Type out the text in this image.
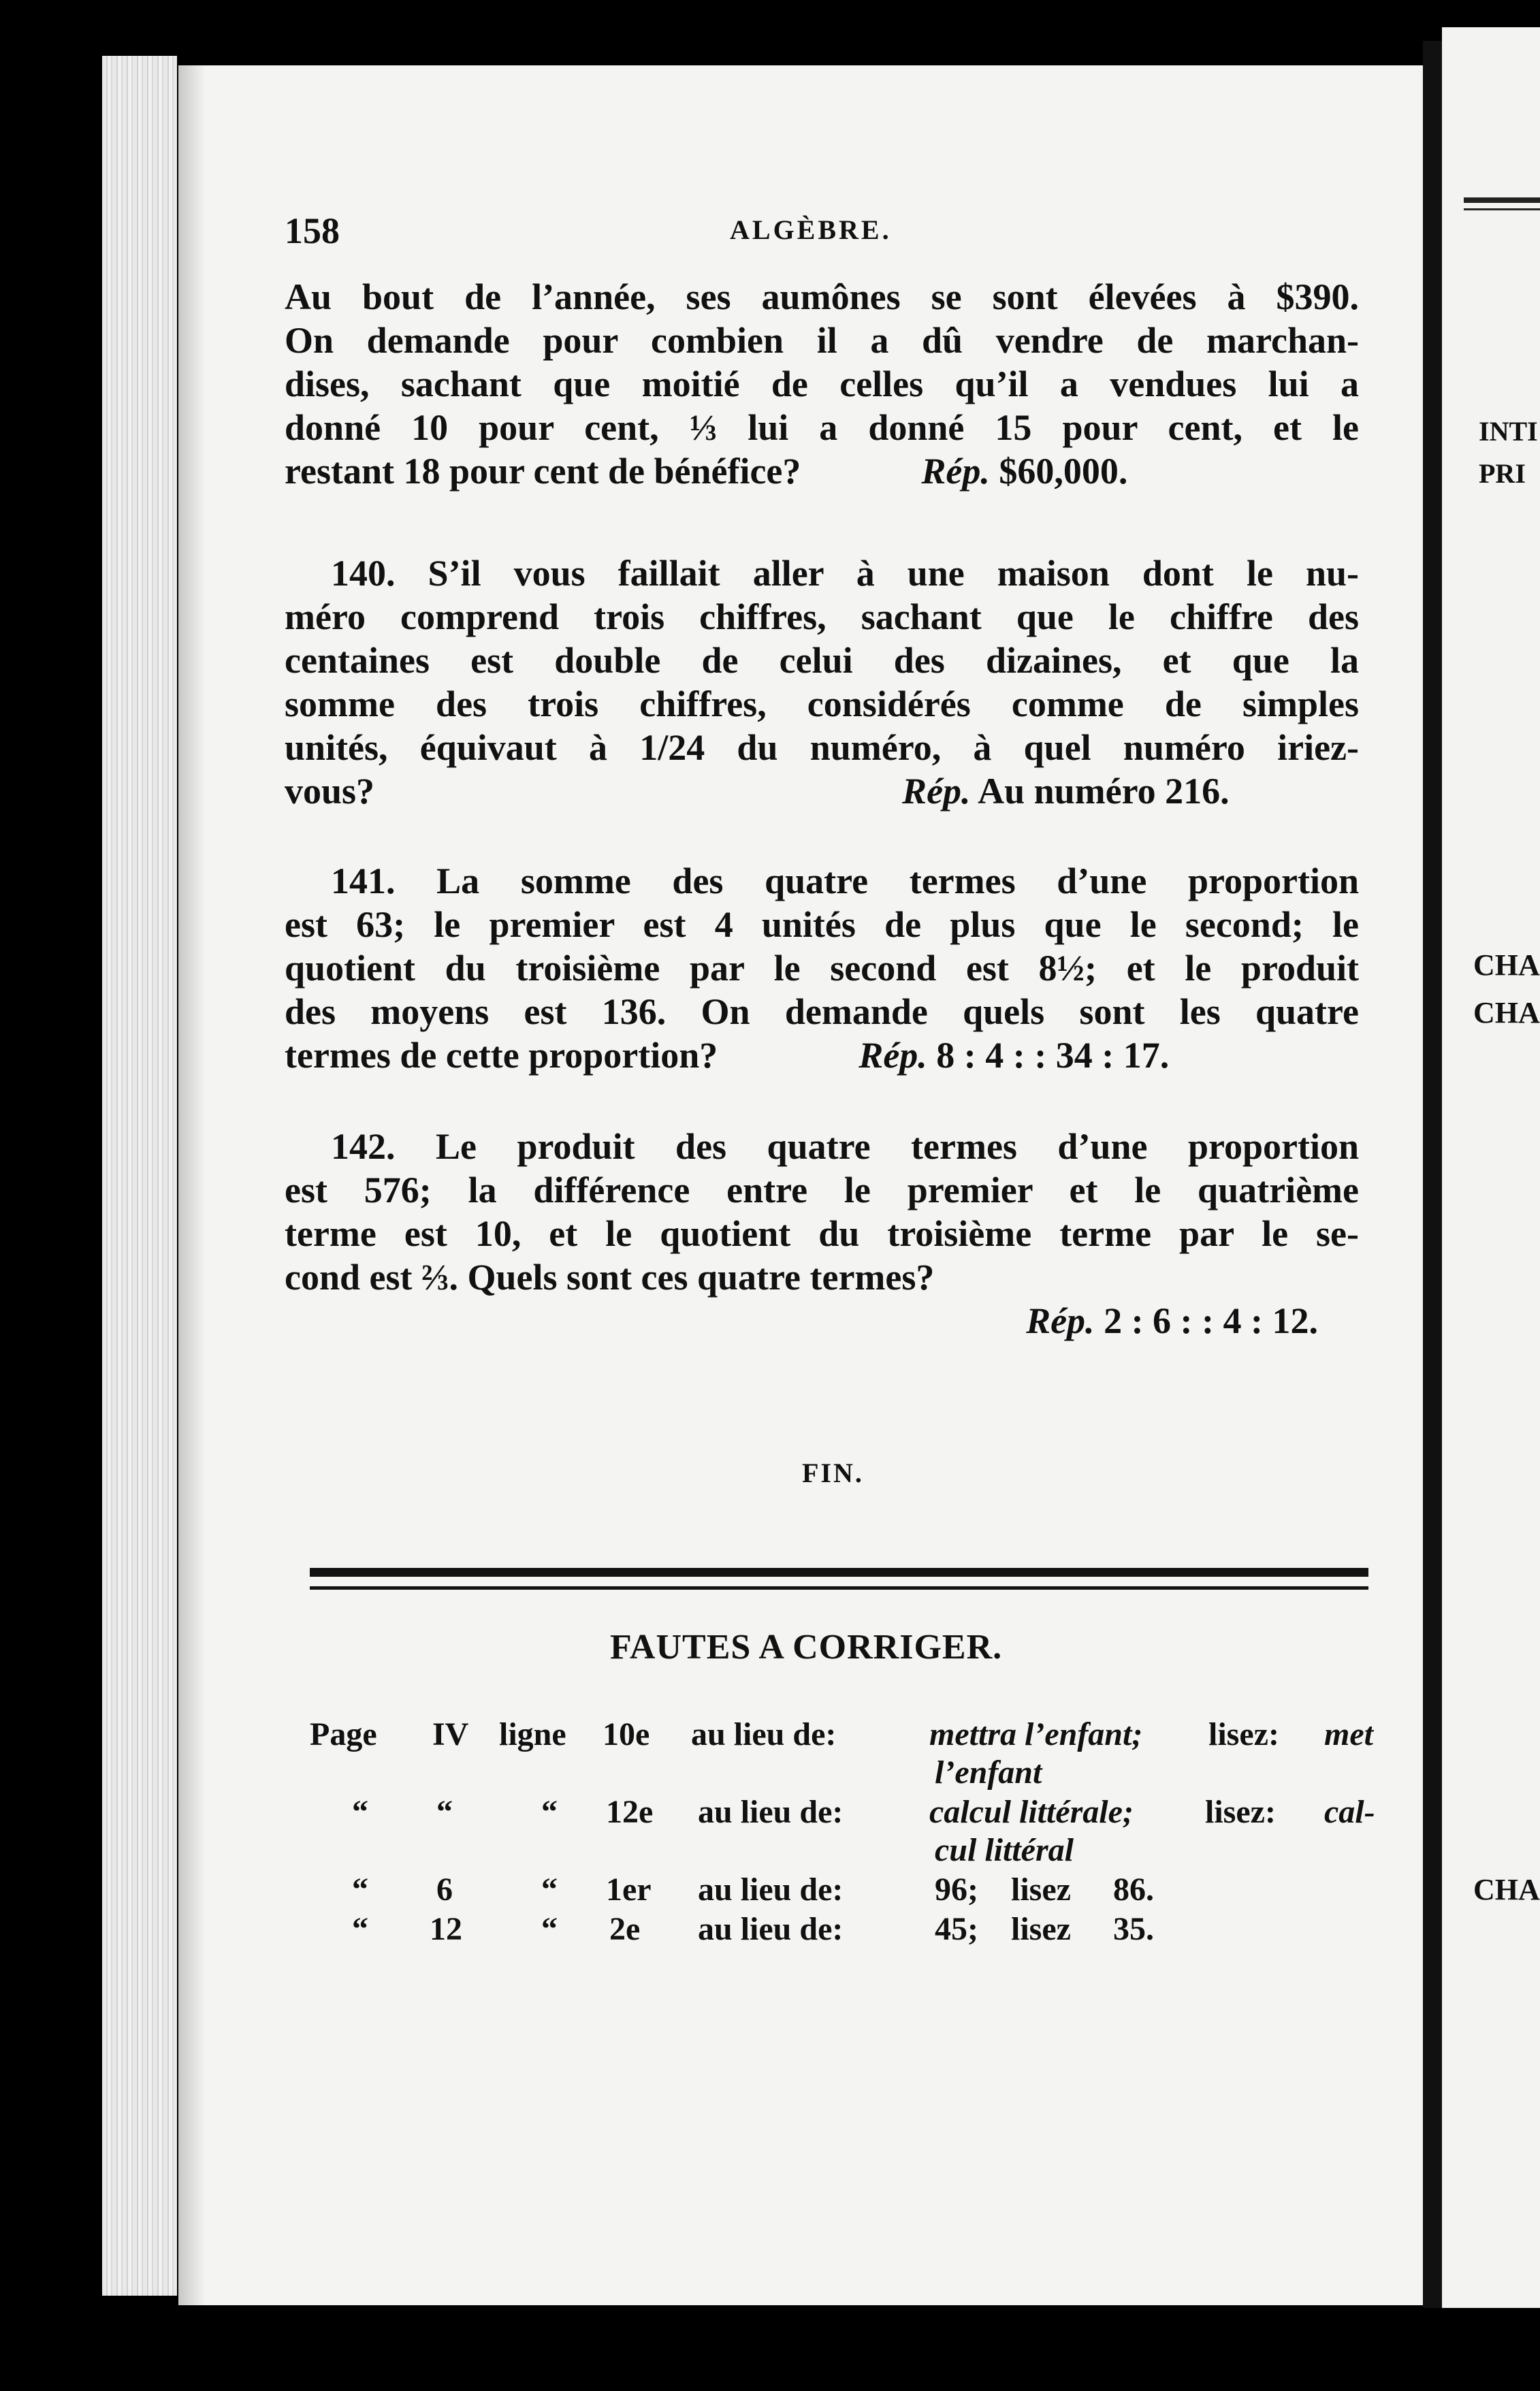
158	ALGÈBRE.
Au bout de l’année, ses aumônes se sont élevées à $390.
On demande pour combien il a dû vendre de marchan-
dises, sachant que moitié de celles qu’il a vendues lui a
donné 10 pour cent, ⅓ lui a donné 15 pour cent, et le
restant 18 pour cent de bénéfice?	Rép. $60,000.
140. S’il vous faillait aller à une maison dont le nu-
méro comprend trois chiffres, sachant que le chiffre des
centaines est double de celui des dizaines, et que la
somme des trois chiffres, considérés comme de simples
unités, équivaut à 1/24 du numéro, à quel numéro iriez-
vous?	Rép. Au numéro 216.
141. La somme des quatre termes d’une proportion
est 63; le premier est 4 unités de plus que le second; le
quotient du troisième par le second est 8½; et le produit
des moyens est 136. On demande quels sont les quatre
termes de cette proportion?	Rép. 8 : 4 : : 34 : 17.
142. Le produit des quatre termes d’une proportion
est 576; la différence entre le premier et le quatrième
terme est 10, et le quotient du troisième terme par le se-
cond est ⅔. Quels sont ces quatre termes?
Rép. 2 : 6 : : 4 : 12.
FIN.
FAUTES A CORRIGER.
Page IV ligne 10e au lieu de:	mettra l’enfant; lisez: met
l’enfant
“ “	“ 12e au lieu de:	calcul littérale; lisez: cal-
cul littéral
“ 6	“ 1er au lieu de:	96; lisez 86.
“ 12 “ 2e au lieu de:	45; lisez 35.
INTI
PRI
CHA
CHA
CHA
